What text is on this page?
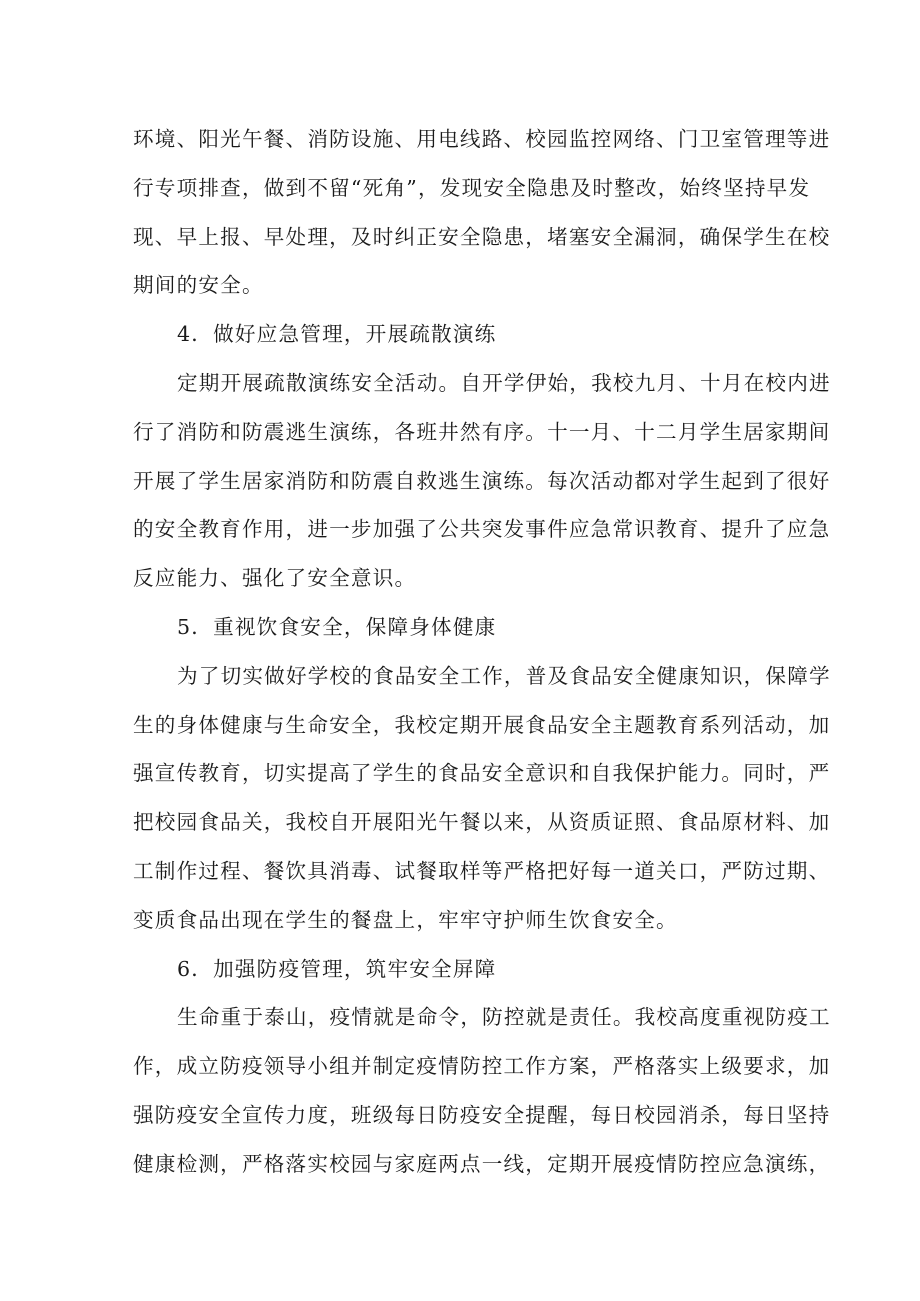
环境、阳光午餐、消防设施、用电线路、校园监控网络、门卫室管理等进
行专项排查，做到不留“死角”，发现安全隐患及时整改，始终坚持早发
现、早上报、早处理，及时纠正安全隐患，堵塞安全漏洞，确保学生在校
期间的安全。

4．做好应急管理，开展疏散演练

定期开展疏散演练安全活动。自开学伊始，我校九月、十月在校内进
行了消防和防震逃生演练，各班井然有序。十一月、十二月学生居家期间
开展了学生居家消防和防震自救逃生演练。每次活动都对学生起到了很好
的安全教育作用，进一步加强了公共突发事件应急常识教育、提升了应急
反应能力、强化了安全意识。

5．重视饮食安全，保障身体健康

为了切实做好学校的食品安全工作，普及食品安全健康知识，保障学
生的身体健康与生命安全，我校定期开展食品安全主题教育系列活动，加
强宣传教育，切实提高了学生的食品安全意识和自我保护能力。同时，严
把校园食品关，我校自开展阳光午餐以来，从资质证照、食品原材料、加
工制作过程、餐饮具消毒、试餐取样等严格把好每一道关口，严防过期、
变质食品出现在学生的餐盘上，牢牢守护师生饮食安全。

6．加强防疫管理，筑牢安全屏障

生命重于泰山，疫情就是命令，防控就是责任。我校高度重视防疫工
作，成立防疫领导小组并制定疫情防控工作方案，严格落实上级要求，加
强防疫安全宣传力度，班级每日防疫安全提醒，每日校园消杀，每日坚持
健康检测，严格落实校园与家庭两点一线，定期开展疫情防控应急演练，
